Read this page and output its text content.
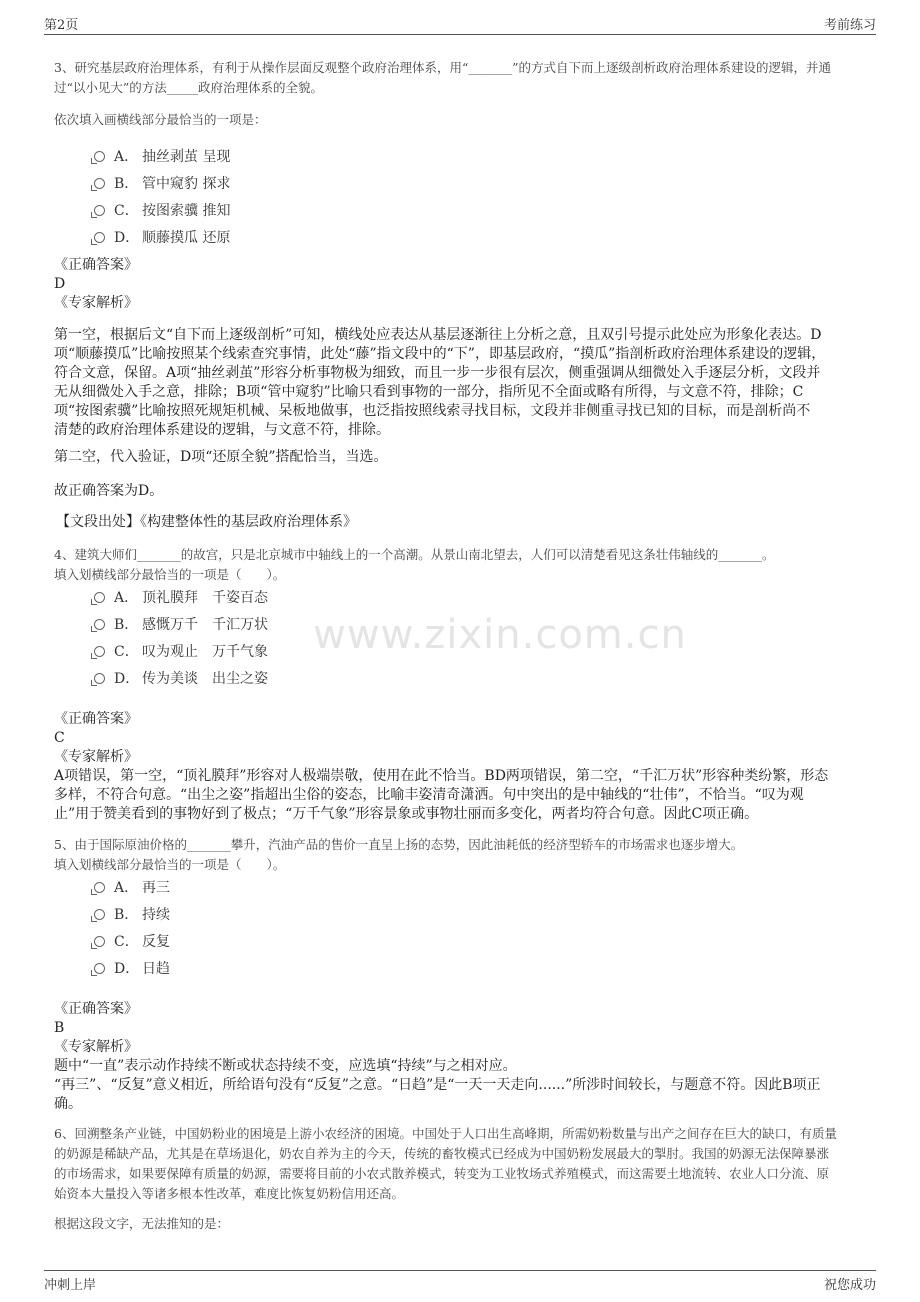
第2页	考前练习
www.zixin.com.cn

3、研究基层政府治理体系，有利于从操作层面反观整个政府治理体系，用“_______”的方式自下而上逐级剖析政府治理体系建设的逻辑，并通

过“以小见大”的方法_____政府治理体系的全貌。

依次填入画横线部分最恰当的一项是：
A． 抽丝剥茧 呈现
B． 管中窥豹 探求
C． 按图索骥 推知
D． 顺藤摸瓜 还原

《正确答案》

D

《专家解析》

第一空，根据后文“自下而上逐级剖析”可知，横线处应表达从基层逐渐往上分析之意，且双引号提示此处应为形象化表达。D

项“顺藤摸瓜”比喻按照某个线索查究事情，此处“藤”指文段中的“下”，即基层政府，“摸瓜”指剖析政府治理体系建设的逻辑，

符合文意，保留。A项“抽丝剥茧”形容分析事物极为细致，而且一步一步很有层次，侧重强调从细微处入手逐层分析，文段并

无从细微处入手之意，排除；B项“管中窥豹”比喻只看到事物的一部分，指所见不全面或略有所得，与文意不符，排除；C

项“按图索骥”比喻按照死规矩机械、呆板地做事，也泛指按照线索寻找目标，文段并非侧重寻找已知的目标，而是剖析尚不

清楚的政府治理体系建设的逻辑，与文意不符，排除。

第二空，代入验证，D项“还原全貌”搭配恰当，当选。
故正确答案为D。
【文段出处】《构建整体性的基层政府治理体系》
4、建筑大师们_______的故宫，只是北京城市中轴线上的一个高潮。从景山南北望去，人们可以清楚看见这条壮伟轴线的_______。
填入划横线部分最恰当的一项是（　　）。
A． 顶礼膜拜　千姿百态
B． 感慨万千　千汇万状
C． 叹为观止　万千气象
D． 传为美谈　出尘之姿

《正确答案》

C

《专家解析》

A项错误，第一空，“顶礼膜拜”形容对人极端崇敬，使用在此不恰当。BD两项错误，第二空，“千汇万状”形容种类纷繁，形态

多样，不符合句意。“出尘之姿”指超出尘俗的姿态，比喻丰姿清奇潇洒。句中突出的是中轴线的“壮伟”，不恰当。“叹为观

止”用于赞美看到的事物好到了极点；“万千气象”形容景象或事物壮丽而多变化，两者均符合句意。因此C项正确。

5、由于国际原油价格的_______攀升，汽油产品的售价一直呈上扬的态势，因此油耗低的经济型轿车的市场需求也逐步增大。
填入划横线部分最恰当的一项是（　　）。
A． 再三
B． 持续
C． 反复
D． 日趋

《正确答案》

B

《专家解析》

题中“一直”表示动作持续不断或状态持续不变，应选填“持续”与之相对应。

“再三”、“反复”意义相近，所给语句没有“反复”之意。“日趋”是“一天一天走向......”所涉时间较长，与题意不符。因此B项正

确。

6、回溯整条产业链，中国奶粉业的困境是上游小农经济的困境。中国处于人口出生高峰期，所需奶粉数量与出产之间存在巨大的缺口，有质量

的奶源是稀缺产品，尤其是在草场退化，奶农自养为主的今天，传统的畜牧模式已经成为中国奶粉发展最大的掣肘。我国的奶源无法保障暴涨

的市场需求，如果要保障有质量的奶源，需要将目前的小农式散养模式，转变为工业牧场式养殖模式，而这需要土地流转、农业人口分流、原

始资本大量投入等诸多根本性改革，难度比恢复奶粉信用还高。

根据这段文字，无法推知的是：
冲刺上岸	祝您成功
